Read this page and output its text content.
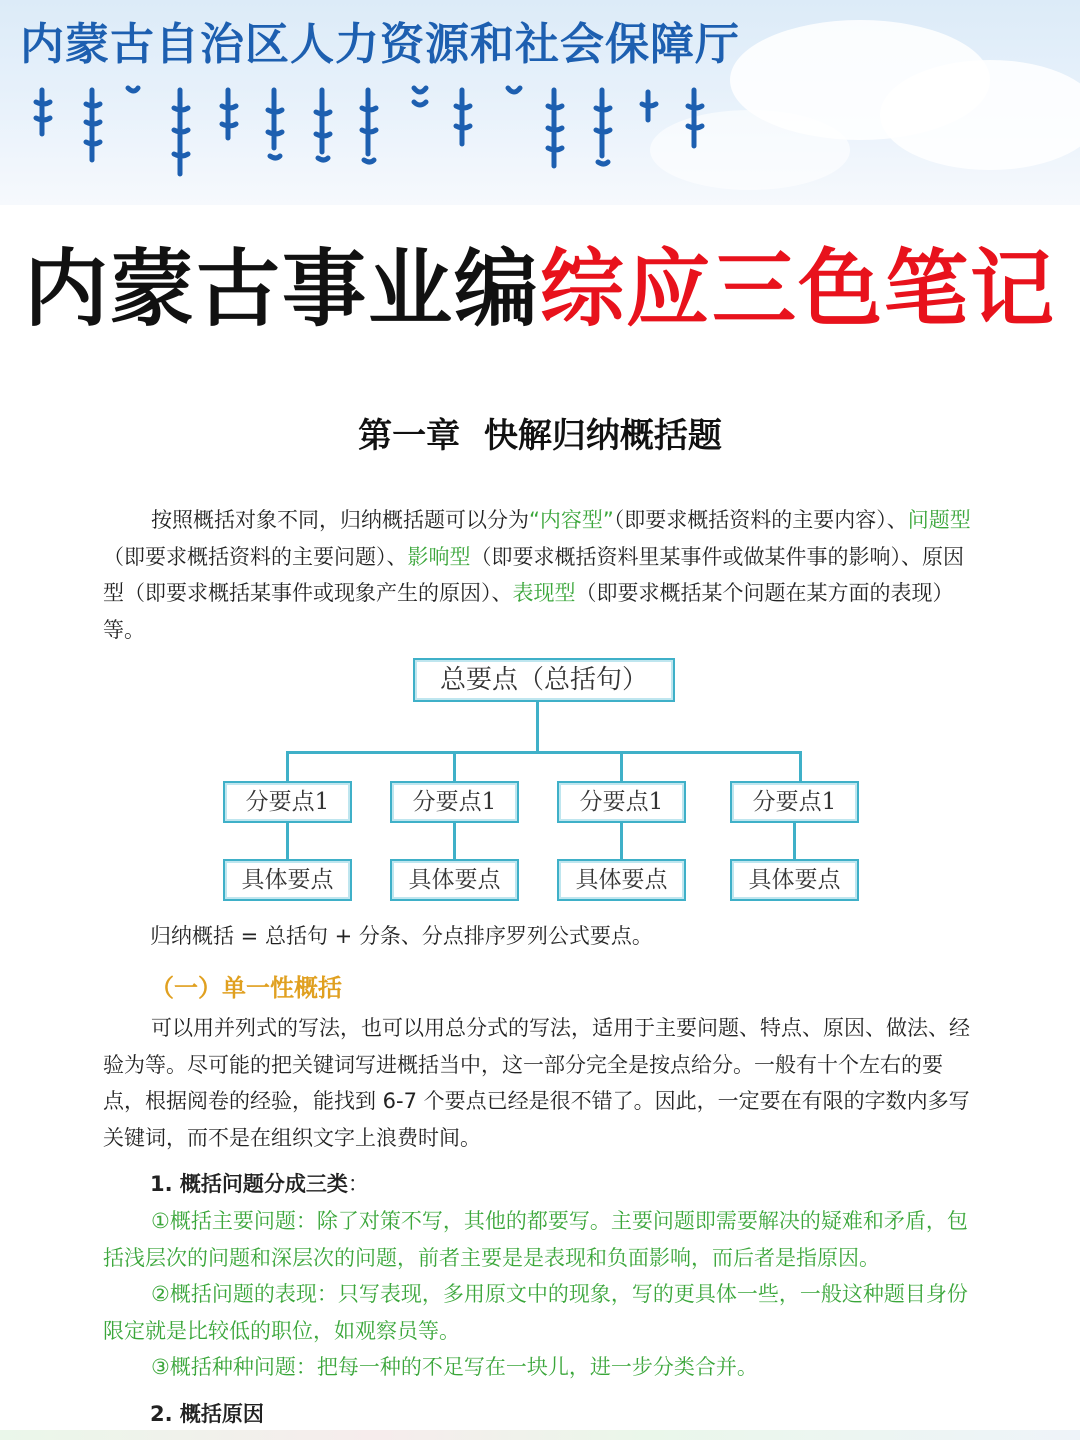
内蒙古自治区人力资源和社会保障厅
内蒙古事业编综应三色笔记
第一章  快解归纳概括题
按照概括对象不同，归纳概括题可以分为“内容型”（即要求概括资料的主要内容）、问题型（即要求概括资料的主要问题）、影响型（即要求概括资料里某事件或做某件事的影响）、原因型（即要求概括某事件或现象产生的原因）、表现型（即要求概括某个问题在某方面的表现）等。
总要点（总括句）
分要点1	分要点1	分要点1	分要点1
具体要点	具体要点	具体要点	具体要点
归纳概括 = 总括句 + 分条、分点排序罗列公式要点。
（一）单一性概括
可以用并列式的写法，也可以用总分式的写法，适用于主要问题、特点、原因、做法、经验为等。尽可能的把关键词写进概括当中，这一部分完全是按点给分。一般有十个左右的要点，根据阅卷的经验，能找到 6-7 个要点已经是很不错了。因此，一定要在有限的字数内多写关键词，而不是在组织文字上浪费时间。
1. 概括问题分成三类：
①概括主要问题：除了对策不写，其他的都要写。主要问题即需要解决的疑难和矛盾，包括浅层次的问题和深层次的问题，前者主要是是表现和负面影响，而后者是指原因。
②概括问题的表现：只写表现，多用原文中的现象，写的更具体一些，一般这种题目身份限定就是比较低的职位，如观察员等。
③概括种种问题：把每一种的不足写在一块儿，进一步分类合并。
2. 概括原因
